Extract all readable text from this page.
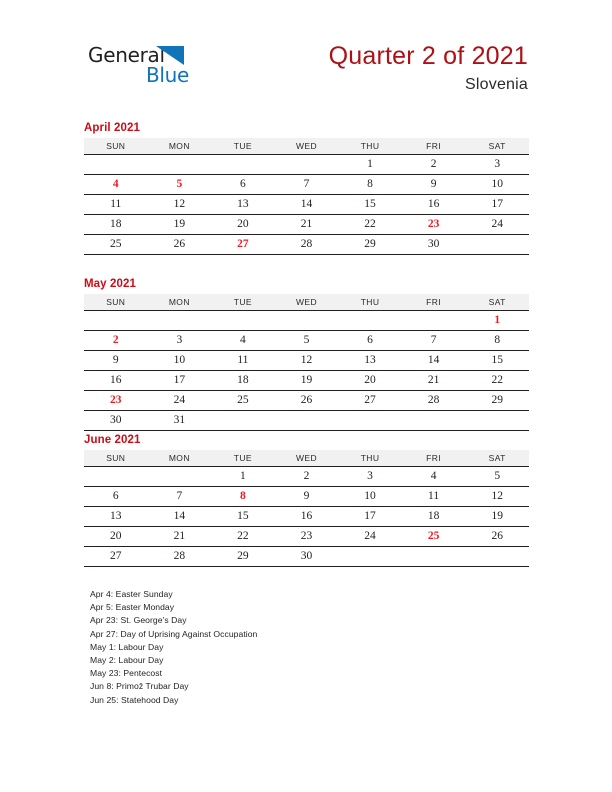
General
Blue
Quarter 2 of 2021
Slovenia
April 2021
SUN	MON	TUE	WED	THU	FRI	SAT
				1	2	3
4	5	6	7	8	9	10
11	12	13	14	15	16	17
18	19	20	21	22	23	24
25	26	27	28	29	30	
May 2021
SUN	MON	TUE	WED	THU	FRI	SAT
						1
2	3	4	5	6	7	8
9	10	11	12	13	14	15
16	17	18	19	20	21	22
23	24	25	26	27	28	29
30	31					
June 2021
SUN	MON	TUE	WED	THU	FRI	SAT
		1	2	3	4	5
6	7	8	9	10	11	12
13	14	15	16	17	18	19
20	21	22	23	24	25	26
27	28	29	30			
Apr 4: Easter Sunday
Apr 5: Easter Monday
Apr 23: St. George’s Day
Apr 27: Day of Uprising Against Occupation
May 1: Labour Day
May 2: Labour Day
May 23: Pentecost
Jun 8: Primož Trubar Day
Jun 25: Statehood Day
